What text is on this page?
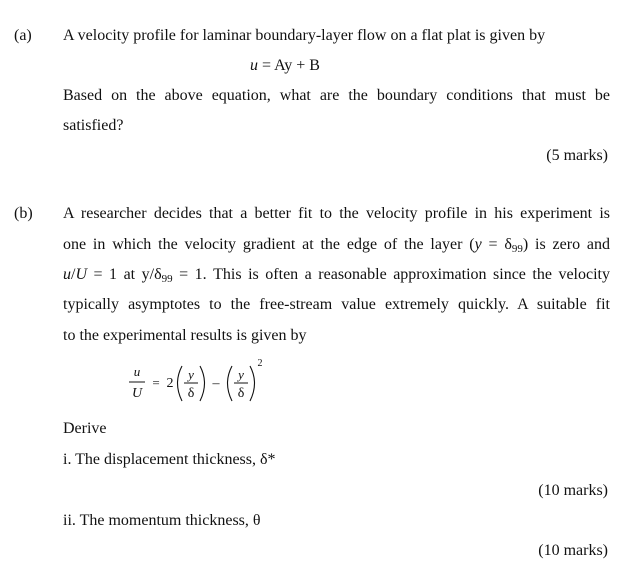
(a) A velocity profile for laminar boundary-layer flow on a flat plat is given by
u = Ay + B
Based on the above equation, what are the boundary conditions that must be
satisfied?
(5 marks)
(b) A researcher decides that a better fit to the velocity profile in his experiment is
one in which the velocity gradient at the edge of the layer $(y = \delta_{99})$ is zero and
u/U = 1 at $y/\delta_{99} = 1$. This is often a reasonable approximation since the velocity
typically asymptotes to the free-stream value extremely quickly. A suitable fit
to the experimental results is given by
u
U
= 2
y
δ
–
y
δ
2
Derive
i. The displacement thickness, δ*
(10 marks)
ii. The momentum thickness, θ
(10 marks)
